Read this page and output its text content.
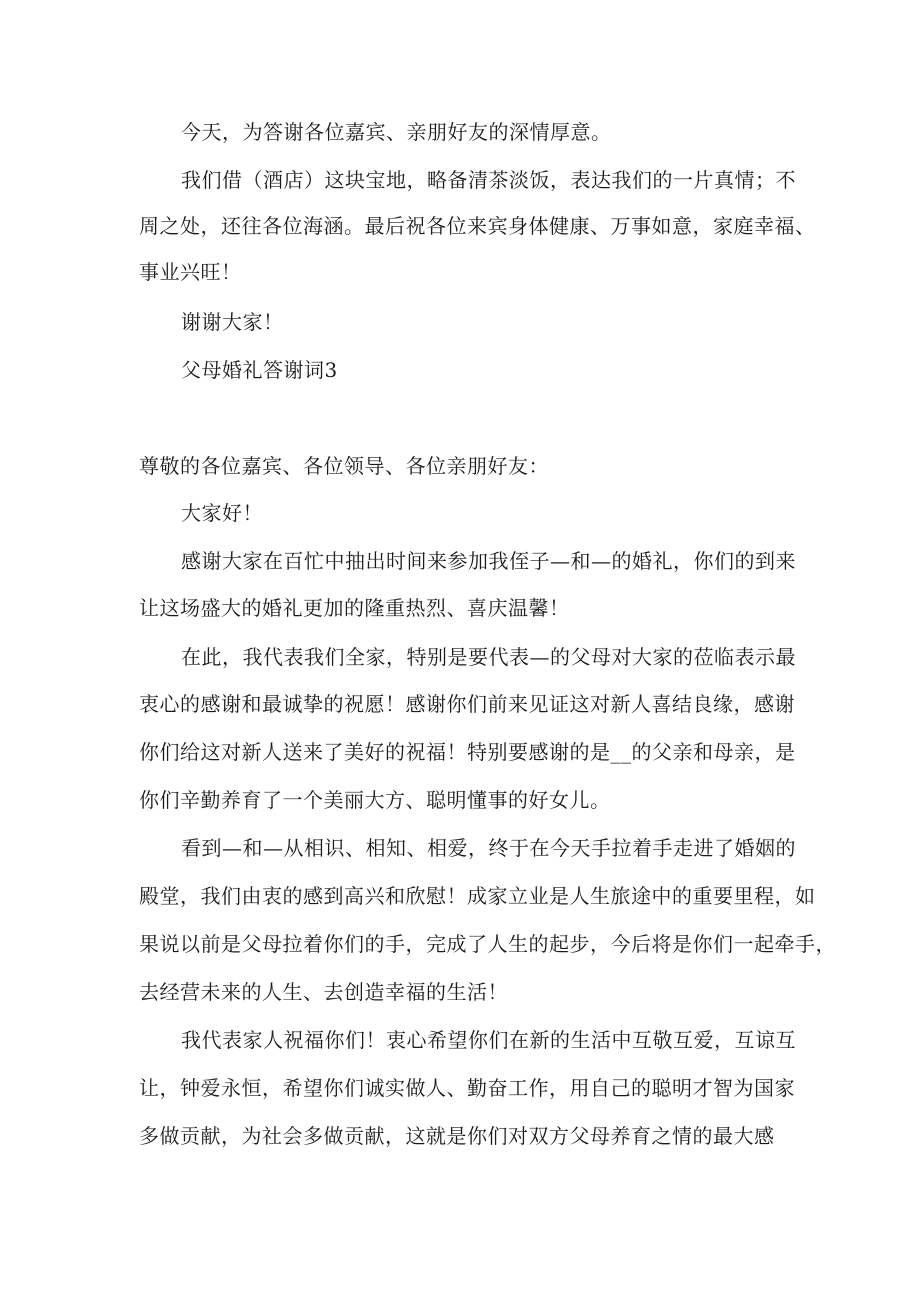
今天，为答谢各位嘉宾、亲朋好友的深情厚意。
我们借（酒店）这块宝地，略备清茶淡饭，表达我们的一片真情；不
周之处，还往各位海涵。最后祝各位来宾身体健康、万事如意，家庭幸福、
事业兴旺！
谢谢大家！
父母婚礼答谢词3
尊敬的各位嘉宾、各位领导、各位亲朋好友：
大家好！
感谢大家在百忙中抽出时间来参加我侄子—和—的婚礼，你们的到来
让这场盛大的婚礼更加的隆重热烈、喜庆温馨！
在此，我代表我们全家，特别是要代表—的父母对大家的莅临表示最
衷心的感谢和最诚挚的祝愿！感谢你们前来见证这对新人喜结良缘，感谢
你们给这对新人送来了美好的祝福！特别要感谢的是__的父亲和母亲，是
你们辛勤养育了一个美丽大方、聪明懂事的好女儿。
看到—和—从相识、相知、相爱，终于在今天手拉着手走进了婚姻的
殿堂，我们由衷的感到高兴和欣慰！成家立业是人生旅途中的重要里程，如
果说以前是父母拉着你们的手，完成了人生的起步，今后将是你们一起牵手，
去经营未来的人生、去创造幸福的生活！
我代表家人祝福你们！衷心希望你们在新的生活中互敬互爱，互谅互
让，钟爱永恒，希望你们诚实做人、勤奋工作，用自己的聪明才智为国家
多做贡献，为社会多做贡献，这就是你们对双方父母养育之情的最大感
